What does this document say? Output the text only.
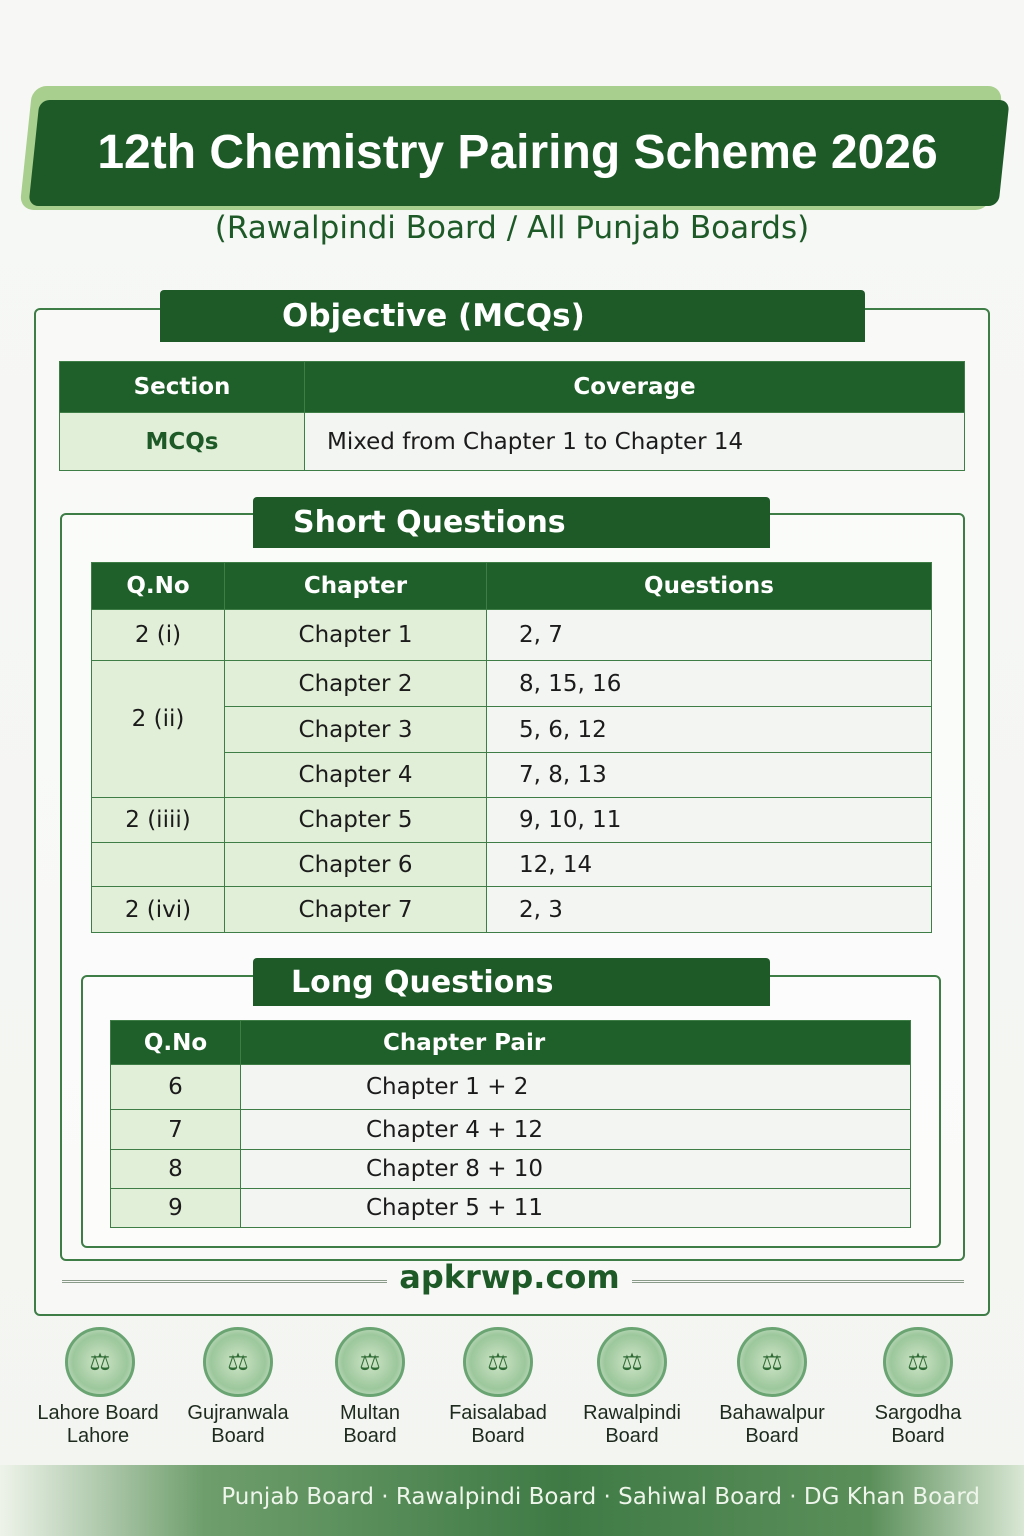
12th Chemistry Pairing Scheme 2026
(Rawalpindi Board / All Punjab Boards)
Objective (MCQs)
Section	Coverage
MCQs	Mixed from Chapter 1 to Chapter 14
Short Questions
Q.No	Chapter	Questions
2 (i)	Chapter 1	2, 7
2 (ii)	Chapter 2	8, 15, 16
	Chapter 3	5, 6, 12
	Chapter 4	7, 8, 13
2 (iiii)	Chapter 5	9, 10, 11
	Chapter 6	12, 14
2 (ivi)	Chapter 7	2, 3
Long Questions
Q.No	Chapter Pair
6	Chapter 1 + 2
7	Chapter 4 + 12
8	Chapter 8 + 10
9	Chapter 5 + 11
apkrwp.com
⚖	⚖	⚖	⚖	⚖	⚖	⚖
Lahore Board
Lahore
Gujranwala
Board
Multan
Board
Faisalabad
Board
Rawalpindi
Board
Bahawalpur
Board
Sargodha
Board
Punjab Board · Rawalpindi Board · Sahiwal Board · DG Khan Board
